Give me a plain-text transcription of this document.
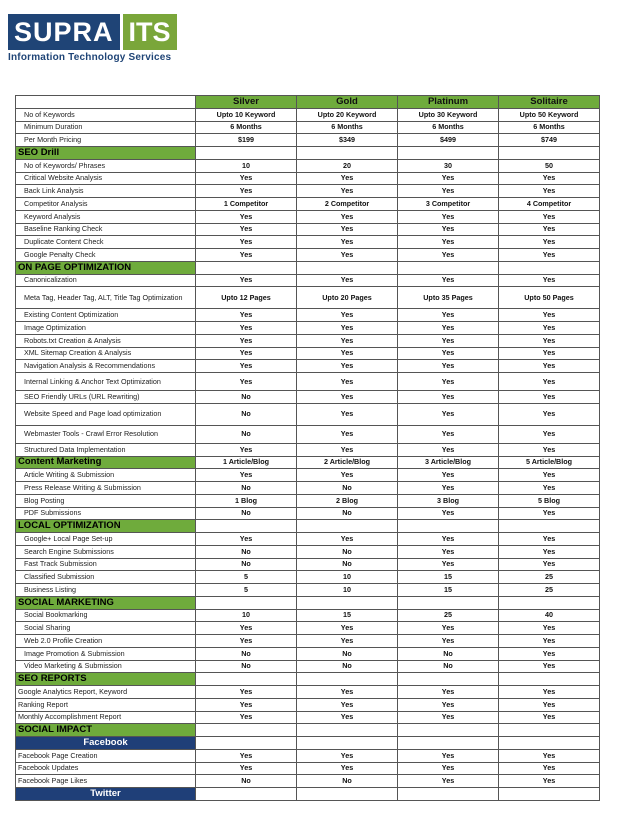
SUPRA ITS
Information Technology Services
	Silver	Gold	Platinum	Solitaire
No of Keywords	Upto 10 Keyword	Upto 20 Keyword	Upto 30 Keyword	Upto 50 Keyword
Minimum Duration	6 Months	6 Months	6 Months	6 Months
Per Month Pricing	$199	$349	$499	$749
SEO Drill				
No of Keywords/ Phrases	10	20	30	50
Critical Website Analysis	Yes	Yes	Yes	Yes
Back Link Analysis	Yes	Yes	Yes	Yes
Competitor Analysis	1 Competitor	2 Competitor	3 Competitor	4 Competitor
Keyword Analysis	Yes	Yes	Yes	Yes
Baseline Ranking Check	Yes	Yes	Yes	Yes
Duplicate Content Check	Yes	Yes	Yes	Yes
Google Penalty Check	Yes	Yes	Yes	Yes
ON PAGE OPTIMIZATION				
Canonicalization	Yes	Yes	Yes	Yes
Meta Tag, Header Tag, ALT, Title Tag Optimization	Upto 12 Pages	Upto 20 Pages	Upto 35 Pages	Upto 50 Pages
Existing Content Optimization	Yes	Yes	Yes	Yes
Image Optimization	Yes	Yes	Yes	Yes
Robots.txt Creation & Analysis	Yes	Yes	Yes	Yes
XML Sitemap Creation & Analysis	Yes	Yes	Yes	Yes
Navigation Analysis & Recommendations	Yes	Yes	Yes	Yes
Internal Linking & Anchor Text Optimization	Yes	Yes	Yes	Yes
SEO Friendly URLs (URL Rewriting)	No	Yes	Yes	Yes
Website Speed and Page load optimization	No	Yes	Yes	Yes
Webmaster Tools - Crawl Error Resolution	No	Yes	Yes	Yes
Structured Data Implementation	Yes	Yes	Yes	Yes
Content Marketing	1 Article/Blog	2 Article/Blog	3 Article/Blog	5 Article/Blog
Article Writing & Submission	Yes	Yes	Yes	Yes
Press Release Writing & Submission	No	No	Yes	Yes
Blog Posting	1 Blog	2 Blog	3 Blog	5 Blog
PDF Submissions	No	No	Yes	Yes
LOCAL OPTIMIZATION				
Google+ Local Page Set-up	Yes	Yes	Yes	Yes
Search Engine Submissions	No	No	Yes	Yes
Fast Track Submission	No	No	Yes	Yes
Classified Submission	5	10	15	25
Business Listing	5	10	15	25
SOCIAL MARKETING				
Social Bookmarking	10	15	25	40
Social Sharing	Yes	Yes	Yes	Yes
Web 2.0 Profile Creation	Yes	Yes	Yes	Yes
Image Promotion & Submission	No	No	No	Yes
Video Marketing & Submission	No	No	No	Yes
SEO REPORTS				
Google Analytics Report, Keyword	Yes	Yes	Yes	Yes
Ranking Report	Yes	Yes	Yes	Yes
Monthly Accomplishment Report	Yes	Yes	Yes	Yes
SOCIAL IMPACT				
Facebook				
Facebook Page Creation	Yes	Yes	Yes	Yes
Facebook Updates	Yes	Yes	Yes	Yes
Facebook Page Likes	No	No	Yes	Yes
Twitter				
